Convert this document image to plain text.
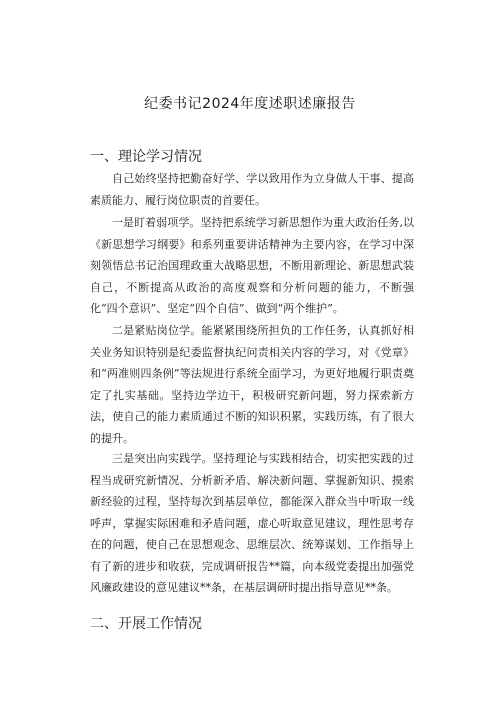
纪委书记2024年度述职述廉报告
一、理论学习情况

自己始终坚持把勤奋好学、学以致用作为立身做人干事、提高素质能力、履行岗位职责的首要任。

一是盯着弱项学。坚持把系统学习新思想作为重大政治任务,以《新思想学习纲要》和系列重要讲话精神为主要内容，在学习中深刻领悟总书记治国理政重大战略思想，不断用新理论、新思想武装自己，不断提高从政治的高度观察和分析问题的能力，不断强化“四个意识”、坚定“四个自信”、做到“两个维护”。

二是紧贴岗位学。能紧紧围绕所担负的工作任务，认真抓好相关业务知识特别是纪委监督执纪问责相关内容的学习，对《党章》和“两准则四条例”等法规进行系统全面学习，为更好地履行职责奠定了扎实基础。坚持边学边干，积极研究新问题，努力探索新方法，使自己的能力素质通过不断的知识积累，实践历练，有了很大的提升。

三是突出向实践学。坚持理论与实践相结合，切实把实践的过程当成研究新情况、分析新矛盾、解决新问题、掌握新知识、摸索新经验的过程，坚持每次到基层单位，都能深入群众当中听取一线呼声，掌握实际困难和矛盾问题，虚心听取意见建议，理性思考存在的问题，使自己在思想观念、思维层次、统筹谋划、工作指导上有了新的进步和收获，完成调研报告**篇，向本级党委提出加强党风廉政建设的意见建议**条，在基层调研时提出指导意见**条。

二、开展工作情况
